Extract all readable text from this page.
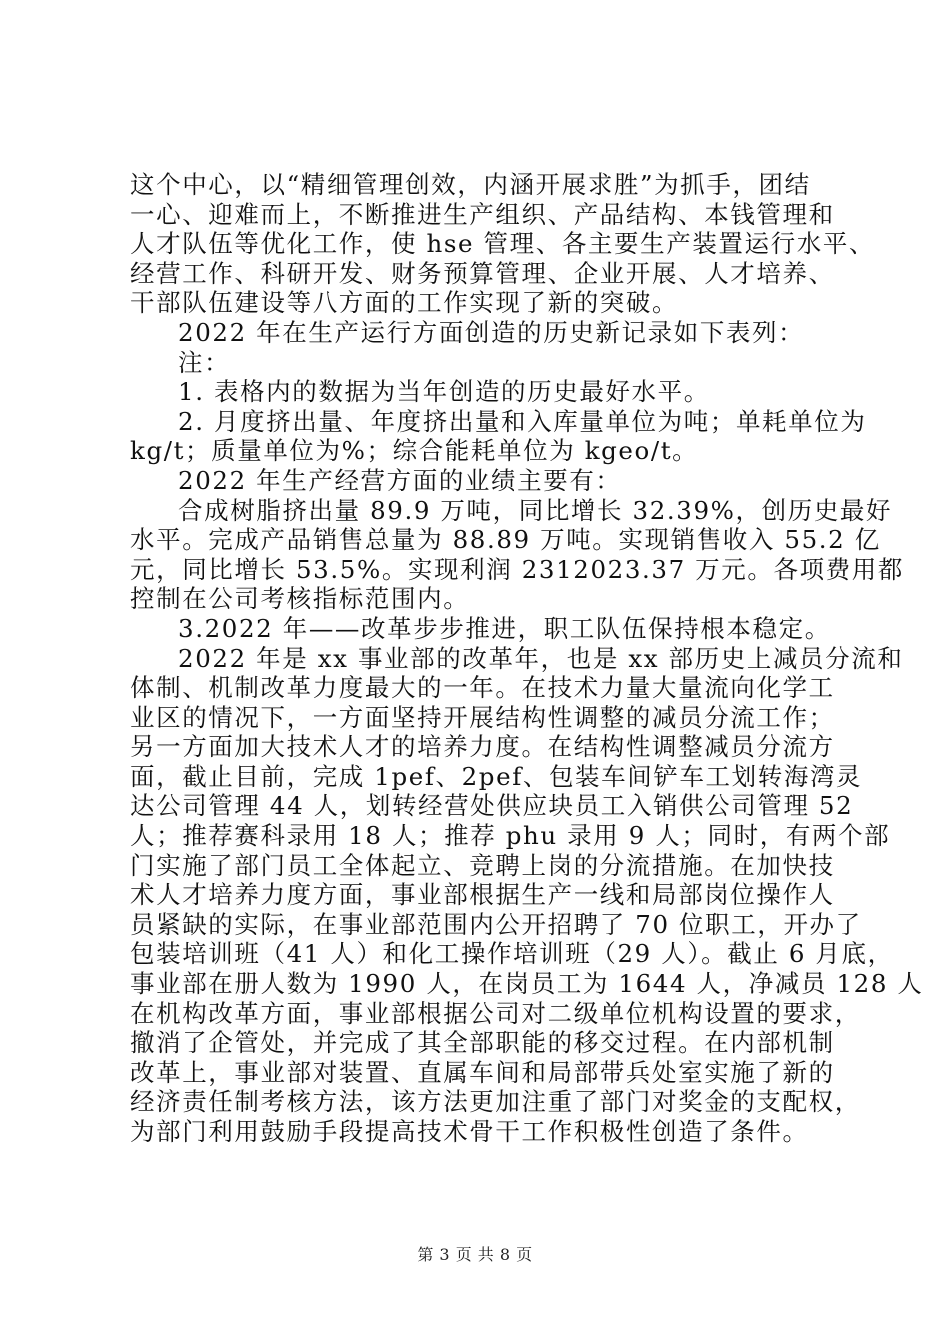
这个中心，以“精细管理创效，内涵开展求胜”为抓手，团结
一心、迎难而上，不断推进生产组织、产品结构、本钱管理和
人才队伍等优化工作，使 hse 管理、各主要生产装置运行水平、
经营工作、科研开发、财务预算管理、企业开展、人才培养、
干部队伍建设等八方面的工作实现了新的突破。
2022 年在生产运行方面创造的历史新记录如下表列：
注：
1. 表格内的数据为当年创造的历史最好水平。
2. 月度挤出量、年度挤出量和入库量单位为吨；单耗单位为
kg/t；质量单位为%；综合能耗单位为 kgeo/t。
2022 年生产经营方面的业绩主要有：
合成树脂挤出量 89.9 万吨，同比增长 32.39%，创历史最好
水平。完成产品销售总量为 88.89 万吨。实现销售收入 55.2 亿
元，同比增长 53.5%。实现利润 2312023.37 万元。各项费用都
控制在公司考核指标范围内。
3.2022 年——改革步步推进，职工队伍保持根本稳定。
2022 年是 xx 事业部的改革年，也是 xx 部历史上减员分流和
体制、机制改革力度最大的一年。在技术力量大量流向化学工
业区的情况下，一方面坚持开展结构性调整的减员分流工作；
另一方面加大技术人才的培养力度。在结构性调整减员分流方
面，截止目前，完成 1pef、2pef、包装车间铲车工划转海湾灵
达公司管理 44 人，划转经营处供应块员工入销供公司管理 52
人；推荐赛科录用 18 人；推荐 phu 录用 9 人；同时，有两个部
门实施了部门员工全体起立、竞聘上岗的分流措施。在加快技
术人才培养力度方面，事业部根据生产一线和局部岗位操作人
员紧缺的实际，在事业部范围内公开招聘了 70 位职工，开办了
包装培训班（41 人）和化工操作培训班（29 人）。截止 6 月底，
事业部在册人数为 1990 人，在岗员工为 1644 人，净减员 128 人
在机构改革方面，事业部根据公司对二级单位机构设置的要求，
撤消了企管处，并完成了其全部职能的移交过程。在内部机制
改革上，事业部对装置、直属车间和局部带兵处室实施了新的
经济责任制考核方法，该方法更加注重了部门对奖金的支配权，
为部门利用鼓励手段提高技术骨干工作积极性创造了条件。
第 3 页 共 8 页
